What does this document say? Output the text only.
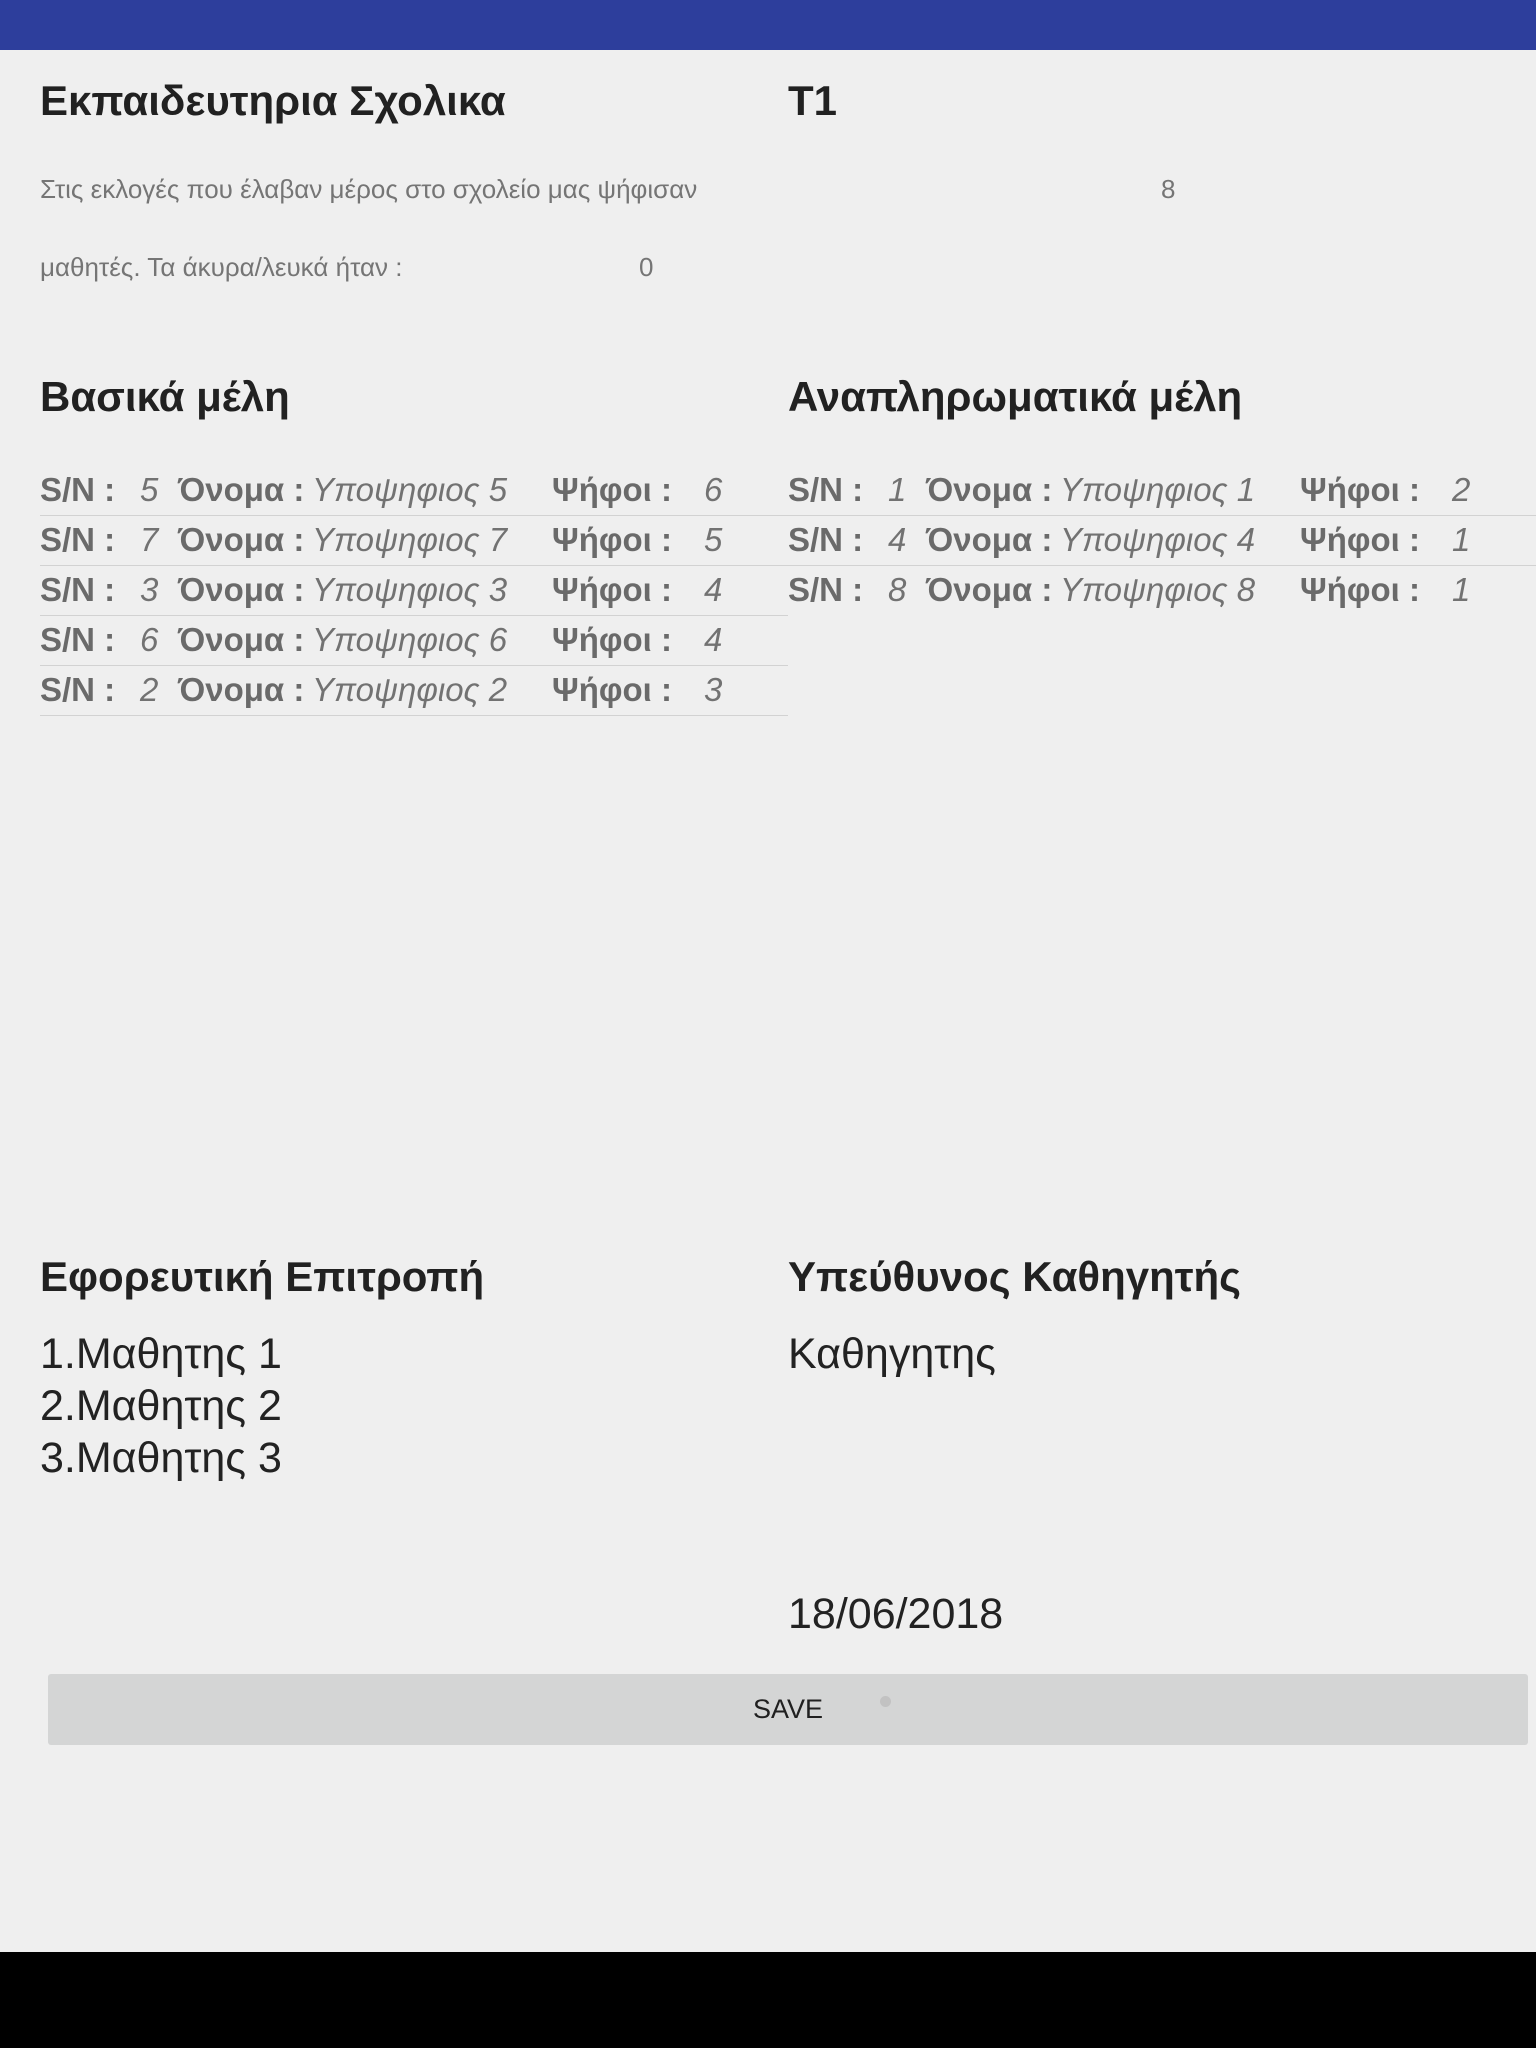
Εκπαιδευτηρια Σχολικα	Τ1
Στις εκλογές που έλαβαν μέρος στο σχολείο μας ψήφισαν	8
μαθητές. Τα άκυρα/λευκά ήταν :	0
Βασικά μέλη	Αναπληρωματικά μέλη
S/N : 5 Όνομα : Υποψηφιος 5 Ψήφοι : 6
S/N : 7 Όνομα : Υποψηφιος 7 Ψήφοι : 5
S/N : 3 Όνομα : Υποψηφιος 3 Ψήφοι : 4
S/N : 6 Όνομα : Υποψηφιος 6 Ψήφοι : 4
S/N : 2 Όνομα : Υποψηφιος 2 Ψήφοι : 3
S/N : 1 Όνομα : Υποψηφιος 1 Ψήφοι : 2
S/N : 4 Όνομα : Υποψηφιος 4 Ψήφοι : 1
S/N : 8 Όνομα : Υποψηφιος 8 Ψήφοι : 1
Εφορευτική Επιτροπή	Υπεύθυνος Καθηγητής
1.Μαθητης 1
2.Μαθητης 2
3.Μαθητης 3
Καθηγητης
18/06/2018
SAVE
